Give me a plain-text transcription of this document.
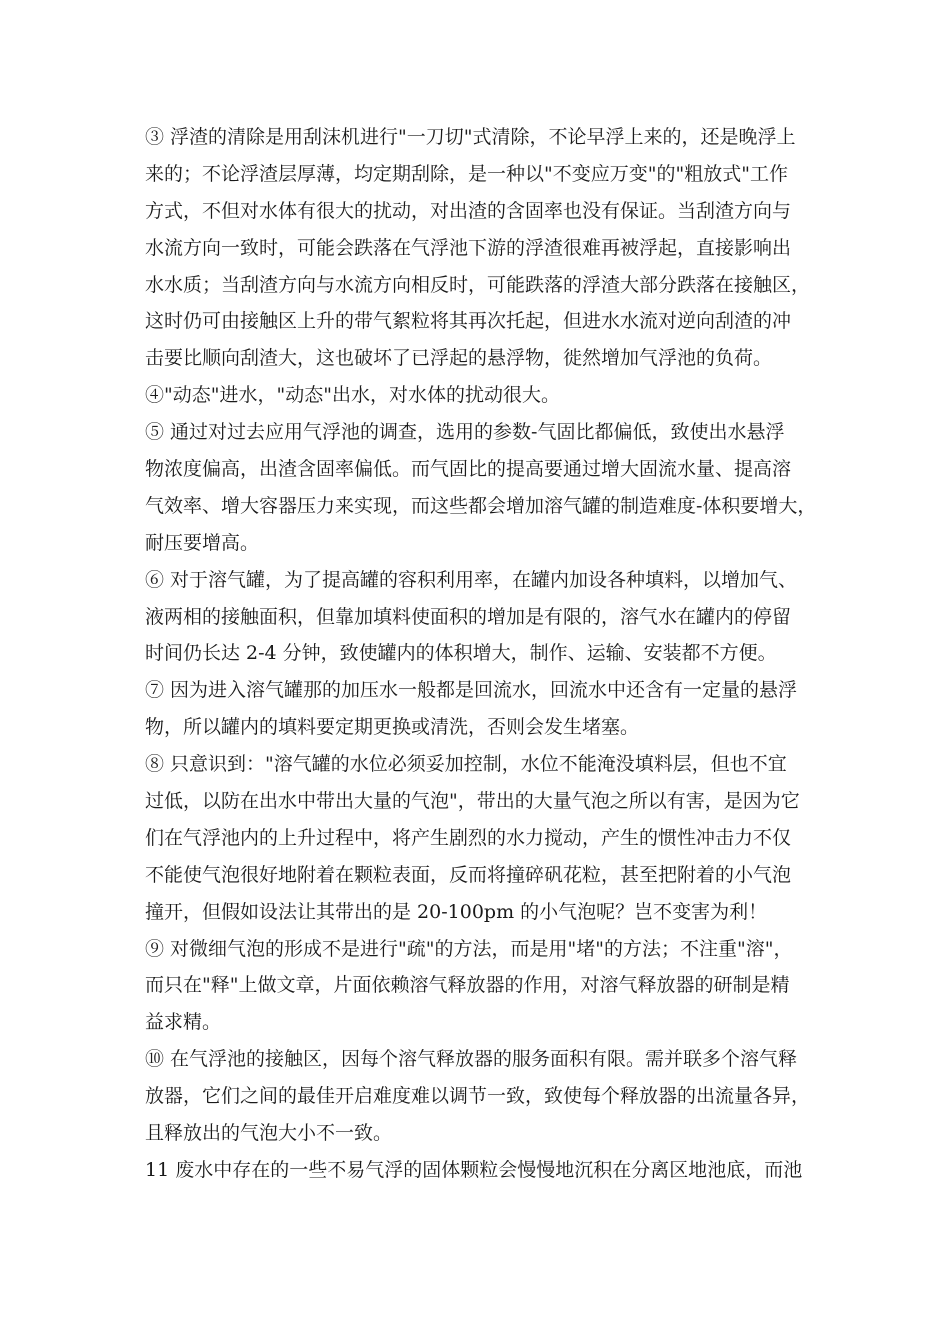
③ 浮渣的清除是用刮沫机进行"一刀切"式清除，不论早浮上来的，还是晚浮上
来的；不论浮渣层厚薄，均定期刮除，是一种以"不变应万变"的"粗放式"工作
方式，不但对水体有很大的扰动，对出渣的含固率也没有保证。当刮渣方向与
水流方向一致时，可能会跌落在气浮池下游的浮渣很难再被浮起，直接影响出
水水质；当刮渣方向与水流方向相反时，可能跌落的浮渣大部分跌落在接触区，
这时仍可由接触区上升的带气絮粒将其再次托起，但进水水流对逆向刮渣的冲
击要比顺向刮渣大，这也破坏了已浮起的悬浮物，徙然增加气浮池的负荷。
④"动态"进水，"动态"出水，对水体的扰动很大。
⑤ 通过对过去应用气浮池的调查，选用的参数-气固比都偏低，致使出水悬浮
物浓度偏高，出渣含固率偏低。而气固比的提高要通过增大固流水量、提高溶
气效率、增大容器压力来实现，而这些都会增加溶气罐的制造难度-体积要增大，
耐压要增高。
⑥ 对于溶气罐，为了提高罐的容积利用率，在罐内加设各种填料，以增加气、
液两相的接触面积，但靠加填料使面积的增加是有限的，溶气水在罐内的停留
时间仍长达 2-4 分钟，致使罐内的体积增大，制作、运输、安装都不方便。
⑦ 因为进入溶气罐那的加压水一般都是回流水，回流水中还含有一定量的悬浮
物，所以罐内的填料要定期更换或清洗，否则会发生堵塞。
⑧ 只意识到："溶气罐的水位必须妥加控制，水位不能淹没填料层，但也不宜
过低，以防在出水中带出大量的气泡"，带出的大量气泡之所以有害，是因为它
们在气浮池内的上升过程中，将产生剧烈的水力搅动，产生的惯性冲击力不仅
不能使气泡很好地附着在颗粒表面，反而将撞碎矾花粒，甚至把附着的小气泡
撞开，但假如设法让其带出的是 20-100pm 的小气泡呢？岂不变害为利！
⑨ 对微细气泡的形成不是进行"疏"的方法，而是用"堵"的方法；不注重"溶"，
而只在"释"上做文章，片面依赖溶气释放器的作用，对溶气释放器的研制是精
益求精。
⑩ 在气浮池的接触区，因每个溶气释放器的服务面积有限。需并联多个溶气释
放器，它们之间的最佳开启难度难以调节一致，致使每个释放器的出流量各异，
且释放出的气泡大小不一致。
11 废水中存在的一些不易气浮的固体颗粒会慢慢地沉积在分离区地池底，而池
